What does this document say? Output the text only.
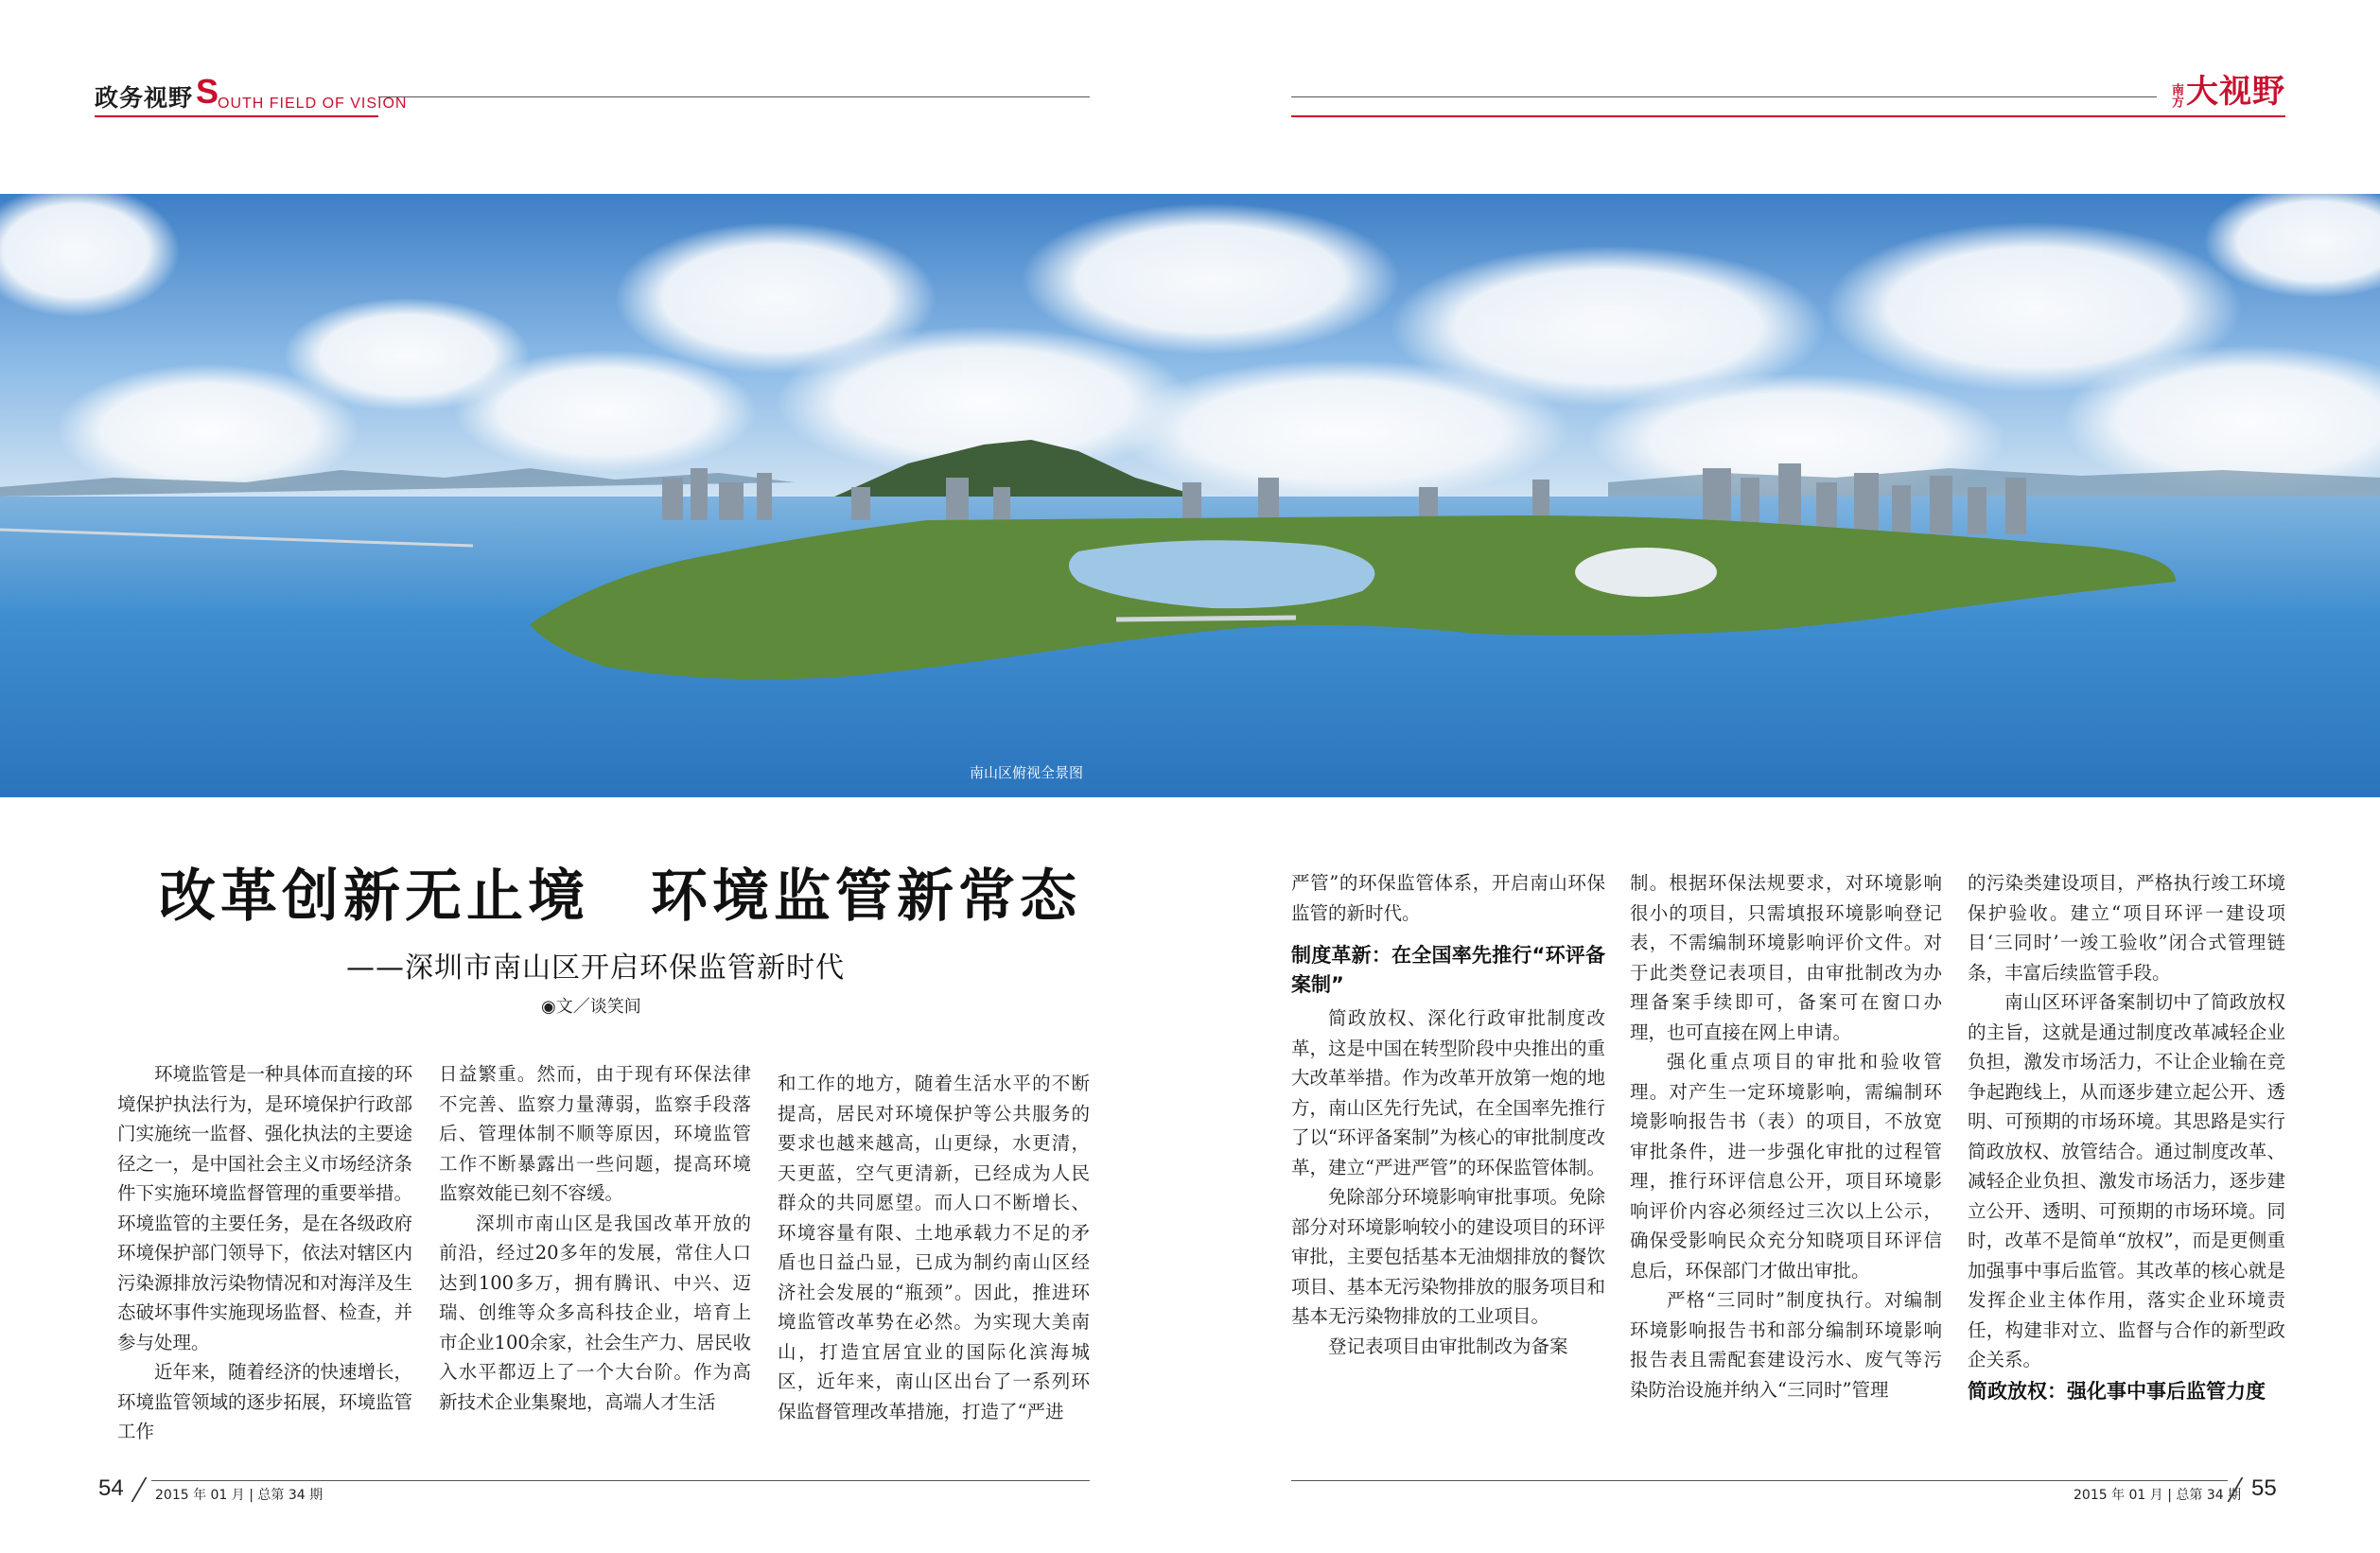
政务视野 S
OUTH FIELD OF VISION	南方 大视野
南山区俯视全景图
改革创新无止境　环境监管新常态
——深圳市南山区开启环保监管新时代
◉文／谈笑间

环境监管是一种具体而直接的环境保护执法行为，是环境保护行政部门实施统一监督、强化执法的主要途径之一，是中国社会主义市场经济条件下实施环境监督管理的重要举措。环境监管的主要任务，是在各级政府环境保护部门领导下，依法对辖区内污染源排放污染物情况和对海洋及生态破坏事件实施现场监督、检查，并参与处理。

近年来，随着经济的快速增长，环境监管领域的逐步拓展，环境监管工作

日益繁重。然而，由于现有环保法律不完善、监察力量薄弱，监察手段落后、管理体制不顺等原因，环境监管工作不断暴露出一些问题，提高环境监察效能已刻不容缓。

深圳市南山区是我国改革开放的前沿，经过20多年的发展，常住人口达到100多万，拥有腾讯、中兴、迈瑞、创维等众多高科技企业，培育上市企业100余家，社会生产力、居民收入水平都迈上了一个大台阶。作为高新技术企业集聚地，高端人才生活

和工作的地方，随着生活水平的不断提高，居民对环境保护等公共服务的要求也越来越高，山更绿，水更清，天更蓝，空气更清新，已经成为人民群众的共同愿望。而人口不断增长、环境容量有限、土地承载力不足的矛盾也日益凸显，已成为制约南山区经济社会发展的“瓶颈”。因此，推进环境监管改革势在必然。为实现大美南山，打造宜居宜业的国际化滨海城区，近年来，南山区出台了一系列环保监督管理改革措施，打造了“严进

严管”的环保监管体系，开启南山环保监管的新时代。

制度革新：在全国率先推行“环评备案制”

简政放权、深化行政审批制度改革，这是中国在转型阶段中央推出的重大改革举措。作为改革开放第一炮的地方，南山区先行先试，在全国率先推行了以“环评备案制”为核心的审批制度改革，建立“严进严管”的环保监管体制。

免除部分环境影响审批事项。免除部分对环境影响较小的建设项目的环评审批，主要包括基本无油烟排放的餐饮项目、基本无污染物排放的服务项目和基本无污染物排放的工业项目。

登记表项目由审批制改为备案

制。根据环保法规要求，对环境影响很小的项目，只需填报环境影响登记表，不需编制环境影响评价文件。对于此类登记表项目，由审批制改为办理备案手续即可，备案可在窗口办理，也可直接在网上申请。

强化重点项目的审批和验收管理。对产生一定环境影响，需编制环境影响报告书（表）的项目，不放宽审批条件，进一步强化审批的过程管理，推行环评信息公开，项目环境影响评价内容必须经过三次以上公示，确保受影响民众充分知晓项目环评信息后，环保部门才做出审批。

严格“三同时”制度执行。对编制环境影响报告书和部分编制环境影响报告表且需配套建设污水、废气等污染防治设施并纳入“三同时”管理

的污染类建设项目，严格执行竣工环境保护验收。建立“项目环评一建设项目‘三同时’一竣工验收”闭合式管理链条，丰富后续监管手段。

南山区环评备案制切中了简政放权的主旨，这就是通过制度改革减轻企业负担，激发市场活力，不让企业输在竞争起跑线上，从而逐步建立起公开、透明、可预期的市场环境。其思路是实行简政放权、放管结合。通过制度改革、减轻企业负担、激发市场活力，逐步建立公开、透明、可预期的市场环境。同时，改革不是简单“放权”，而是更侧重加强事中事后监管。其改革的核心就是发挥企业主体作用，落实企业环境责任，构建非对立、监督与合作的新型政企关系。

简政放权：强化事中事后监管力度
54 2015 年 01 月 | 总第 34 期	2015 年 01 月 | 总第 34 期 55
